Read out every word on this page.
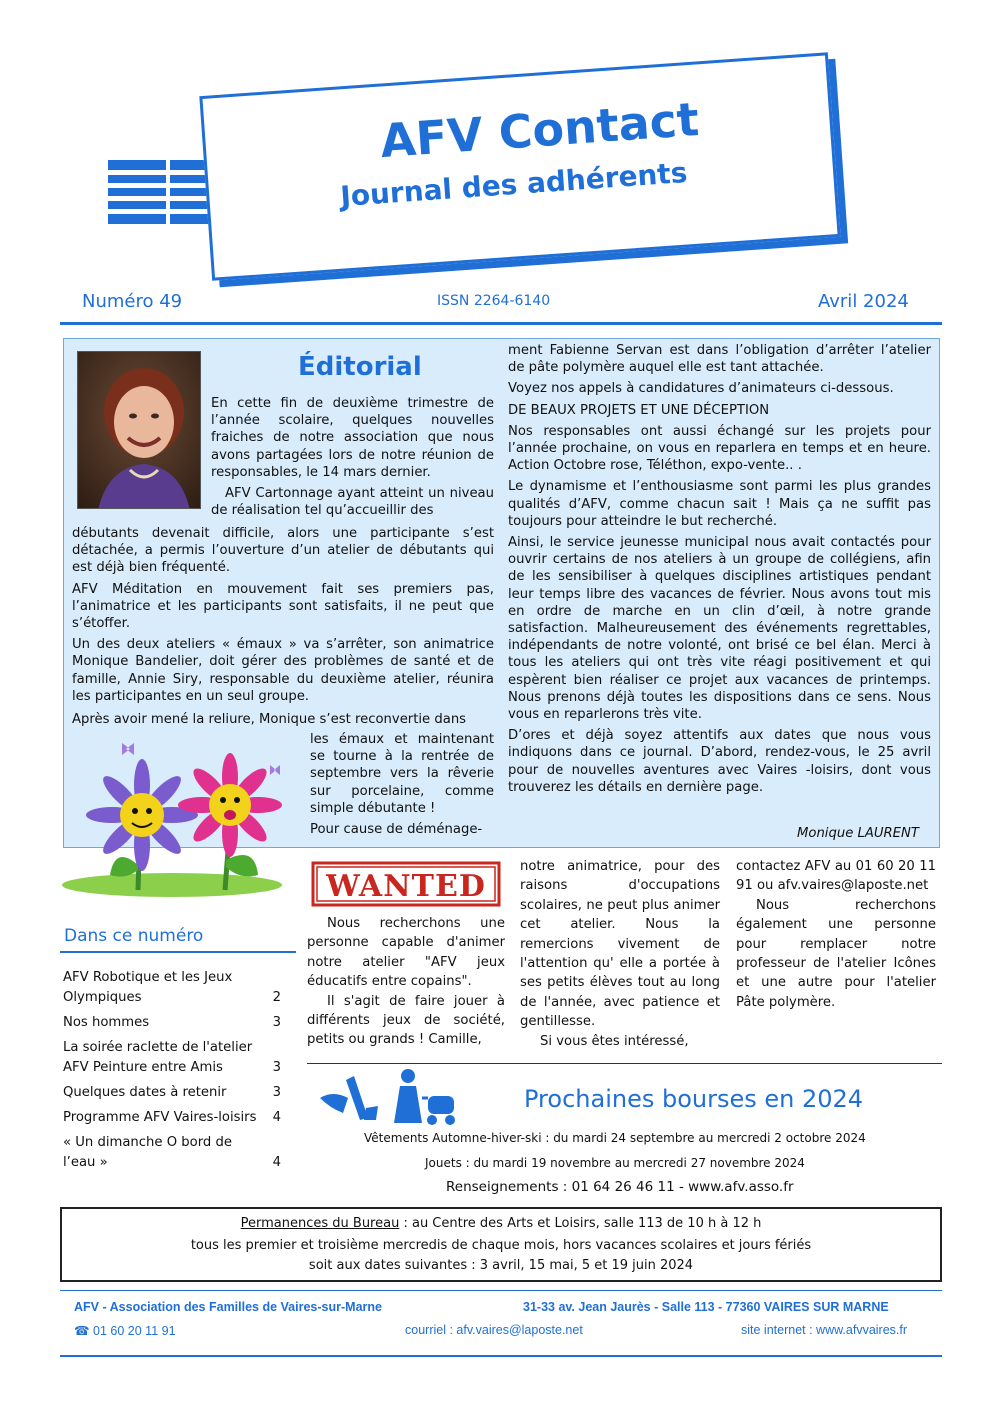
AFV Contact
Journal des adhérents
Numéro 49	ISSN 2264-6140	Avril 2024
Éditorial

En cette fin de deuxième trimestre de l’année scolaire, quelques nouvelles fraiches de notre association que nous avons partagées lors de notre réunion de responsables, le 14 mars dernier.

AFV Cartonnage ayant atteint un niveau de réalisation tel qu’accueillir des

débutants devenait difficile, alors une participante s’est détachée, a permis l’ouverture d’un atelier de débutants qui est déjà bien fréquenté.

AFV Méditation en mouvement fait ses premiers pas, l’animatrice et les participants sont satisfaits, il ne peut que s’étoffer.

Un des deux ateliers « émaux » va s’arrêter, son animatrice Monique Bandelier, doit gérer des problèmes de santé et de famille, Annie Siry, responsable du deuxième atelier, réunira les participantes en un seul groupe.

Après avoir mené la reliure, Monique s’est reconvertie dans

les émaux et maintenant se tourne à la rentrée de septembre vers la rêverie sur porcelaine, comme simple débutante !

Pour cause de déménage-

ment Fabienne Servan est dans l’obligation d’arrêter l’atelier de pâte polymère auquel elle est tant attachée.

Voyez nos appels à candidatures d’animateurs ci-dessous.

DE BEAUX PROJETS ET UNE DÉCEPTION

Nos responsables ont aussi échangé sur les projets pour l’année prochaine, on vous en reparlera en temps et en heure. Action Octobre rose, Téléthon, expo-vente.. .

Le dynamisme et l’enthousiasme sont parmi les plus grandes qualités d’AFV, comme chacun sait ! Mais ça ne suffit pas toujours pour atteindre le but recherché.

Ainsi, le service jeunesse municipal nous avait contactés pour ouvrir certains de nos ateliers à un groupe de collégiens, afin de les sensibiliser à quelques disciplines artistiques pendant leur temps libre des vacances de février. Nous avons tout mis en ordre de marche en un clin d’œil, à notre grande satisfaction. Malheureusement des événements regrettables, indépendants de notre volonté, ont brisé ce bel élan. Merci à tous les ateliers qui ont très vite réagi positivement et qui espèrent bien réaliser ce projet aux vacances de printemps. Nous prenons déjà toutes les dispositions dans ce sens. Nous vous en reparlerons très vite.

D’ores et déjà soyez attentifs aux dates que nous vous indiquons dans ce journal. D’abord, rendez-vous, le 25 avril pour de nouvelles aventures avec Vaires -loisirs, dont vous trouverez les détails en dernière page.

Monique LAURENT
Dans ce numéro
AFV Robotique et les Jeux Olympiques	2
Nos hommes	3
La soirée raclette de l'atelier AFV Peinture entre Amis	3
Quelques dates à retenir	3
Programme AFV Vaires-loisirs 4
« Un dimanche O bord de l’eau »	4
WANTED

Nous recherchons une personne capable d'animer notre atelier "AFV jeux éducatifs entre copains".

Il s'agit de faire jouer à différents jeux de société, petits ou grands ! Camille,

notre animatrice, pour des raisons d'occupations scolaires, ne peut plus animer cet atelier. Nous la remercions vivement de l'attention qu' elle a portée à ses petits élèves tout au long de l'année, avec patience et gentillesse.

Si vous êtes intéressé,

contactez AFV au 01 60 20 11 91 ou afv.vaires@laposte.net

Nous recherchons également une personne pour remplacer notre professeur de l'atelier Icônes et une autre pour l'atelier Pâte polymère.

Prochaines bourses en 2024
Vêtements Automne-hiver-ski : du mardi 24 septembre au mercredi 2 octobre 2024
Jouets : du mardi 19 novembre au mercredi 27 novembre 2024
Renseignements : 01 64 26 46 11 - www.afv.asso.fr
Permanences du Bureau : au Centre des Arts et Loisirs, salle 113 de 10 h à 12 h
tous les premier et troisième mercredis de chaque mois, hors vacances scolaires et jours fériés
soit aux dates suivantes : 3 avril, 15 mai, 5 et 19 juin 2024
AFV - Association des Familles de Vaires-sur-Marne	31-33 av. Jean Jaurès - Salle 113 - 77360 VAIRES SUR MARNE
☎ 01 60 20 11 91	courriel : afv.vaires@laposte.net	site internet : www.afvvaires.fr
